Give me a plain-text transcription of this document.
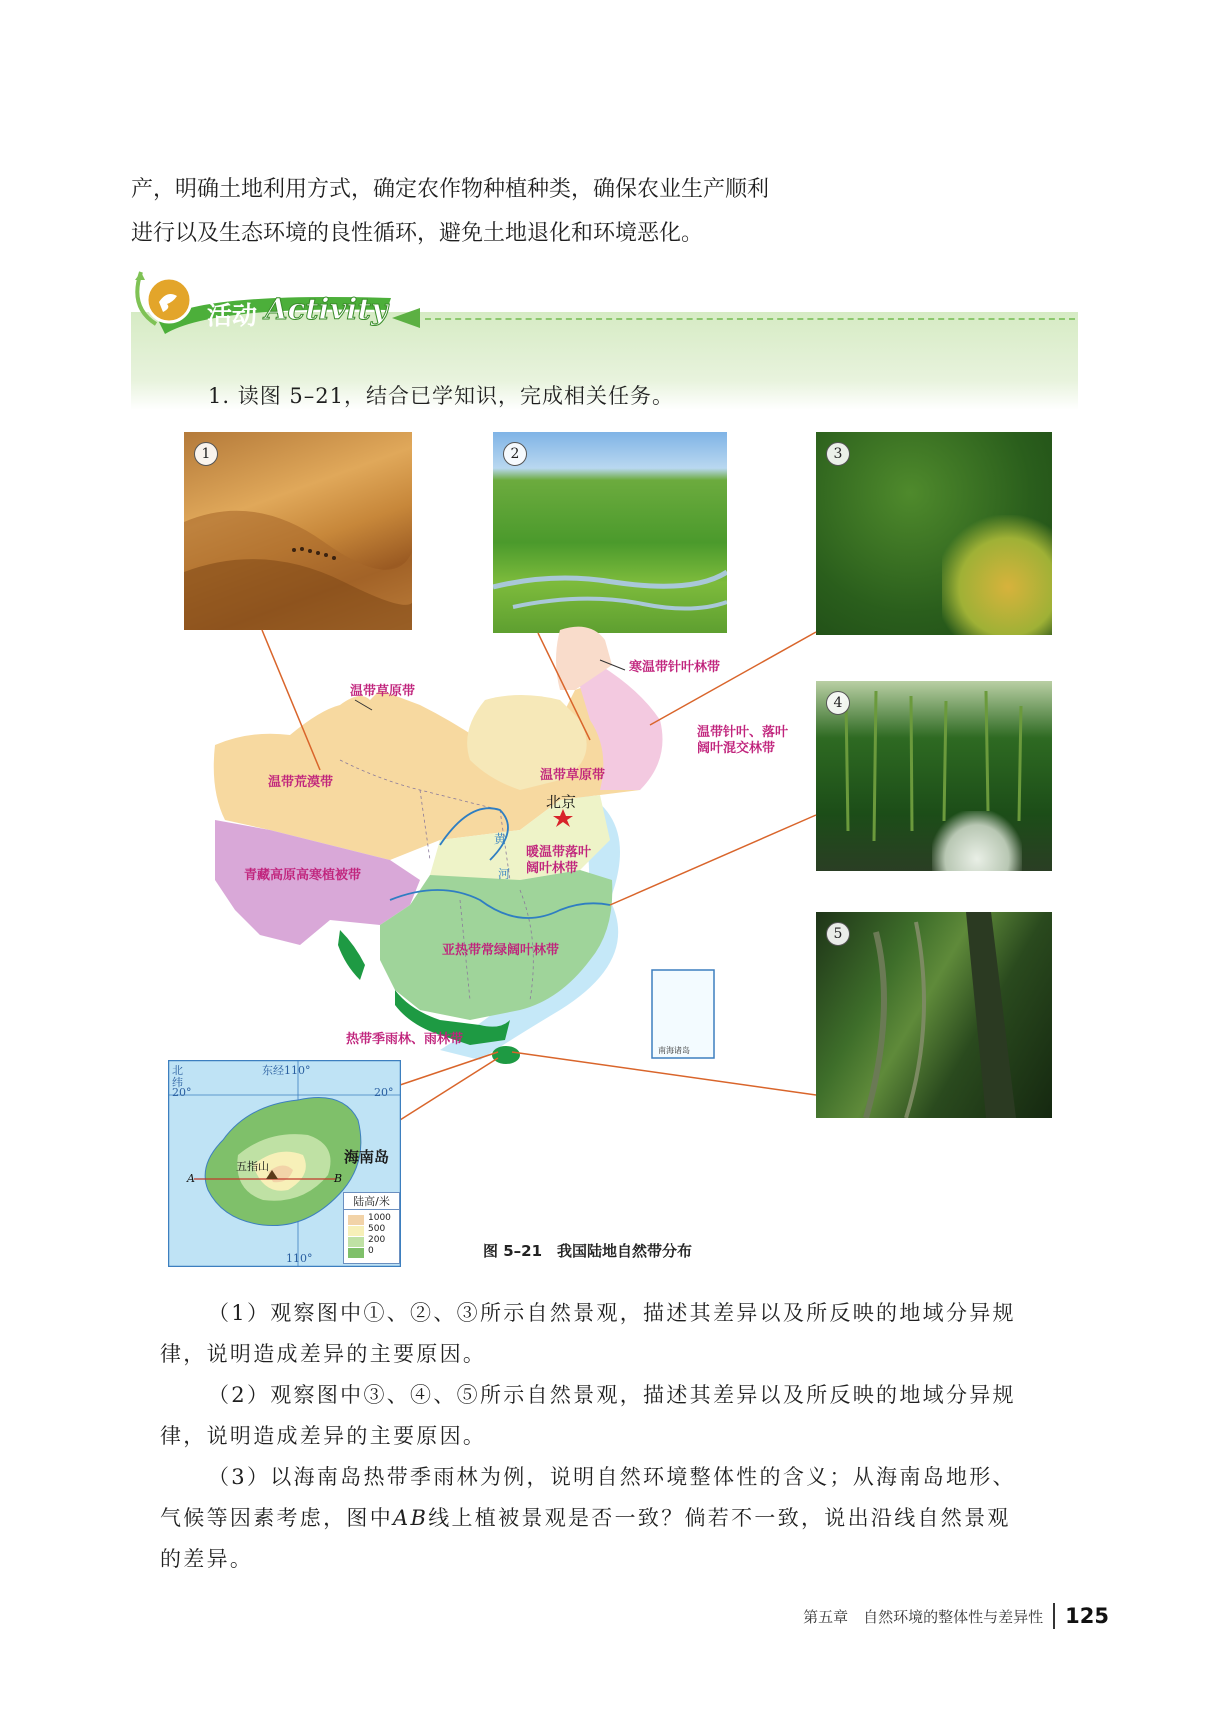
产，明确土地利用方式，确定农作物种植种类，确保农业生产顺利

进行以及生态环境的良性循环，避免土地退化和环境恶化。

活动 Activity
1. 读图 5–21，结合已学知识，完成相关任务。
1	2	3
4
5
寒温带针叶林带
温带草原带
温带针叶、落叶
阔叶混交林带
温带荒漠带	温带草原带
北京
暖温带落叶
阔叶林带
黄
河
青藏高原高寒植被带
亚热带常绿阔叶林带
热带季雨林、雨林带
南海诸岛
北
纬
东经110°
20°	20°
110°
海南岛
五指山
A	B
陆高/米
1000
500
200
0	图 5–21　我国陆地自然带分布

（1）观察图中①、②、③所示自然景观，描述其差异以及所反映的地域分异规

律，说明造成差异的主要原因。

（2）观察图中③、④、⑤所示自然景观，描述其差异以及所反映的地域分异规

律，说明造成差异的主要原因。

（3）以海南岛热带季雨林为例，说明自然环境整体性的含义；从海南岛地形、

气候等因素考虑，图中AB线上植被景观是否一致？倘若不一致，说出沿线自然景观

的差异。

第五章　自然环境的整体性与差异性 125
